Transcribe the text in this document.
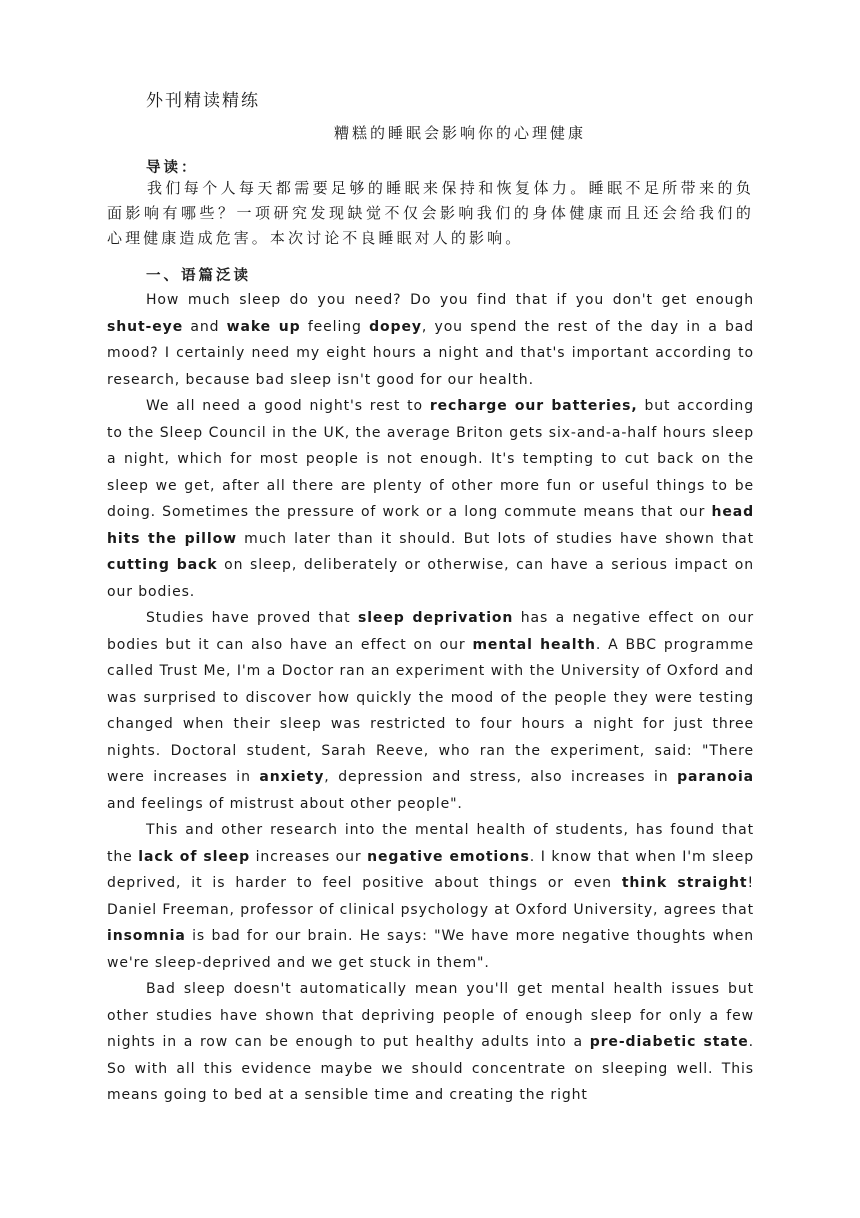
外刊精读精练
糟糕的睡眠会影响你的心理健康
导读：

我们每个人每天都需要足够的睡眠来保持和恢复体力。睡眠不足所带来的负面影响有哪些？一项研究发现缺觉不仅会影响我们的身体健康而且还会给我们的心理健康造成危害。本次讨论不良睡眠对人的影响。

一、语篇泛读

How much sleep do you need? Do you find that if you don't get enough shut-eye and wake up feeling dopey, you spend the rest of the day in a bad mood? I certainly need my eight hours a night and that's important according to research, because bad sleep isn't good for our health.

We all need a good night's rest to recharge our batteries, but according to the Sleep Council in the UK, the average Briton gets six-and-a-half hours sleep a night, which for most people is not enough. It's tempting to cut back on the sleep we get, after all there are plenty of other more fun or useful things to be doing. Sometimes the pressure of work or a long commute means that our head hits the pillow much later than it should. But lots of studies have shown that cutting back on sleep, deliberately or otherwise, can have a serious impact on our bodies.

Studies have proved that sleep deprivation has a negative effect on our bodies but it can also have an effect on our mental health. A BBC programme called Trust Me, I'm a Doctor ran an experiment with the University of Oxford and was surprised to discover how quickly the mood of the people they were testing changed when their sleep was restricted to four hours a night for just three nights. Doctoral student, Sarah Reeve, who ran the experiment, said: "There were increases in anxiety, depression and stress, also increases in paranoia and feelings of mistrust about other people".

This and other research into the mental health of students, has found that the lack of sleep increases our negative emotions. I know that when I'm sleep deprived, it is harder to feel positive about things or even think straight! Daniel Freeman, professor of clinical psychology at Oxford University, agrees that insomnia is bad for our brain. He says: "We have more negative thoughts when we're sleep-deprived and we get stuck in them".

Bad sleep doesn't automatically mean you'll get mental health issues but other studies have shown that depriving people of enough sleep for only a few nights in a row can be enough to put healthy adults into a pre-diabetic state. So with all this evidence maybe we should concentrate on sleeping well. This means going to bed at a sensible time and creating the right
